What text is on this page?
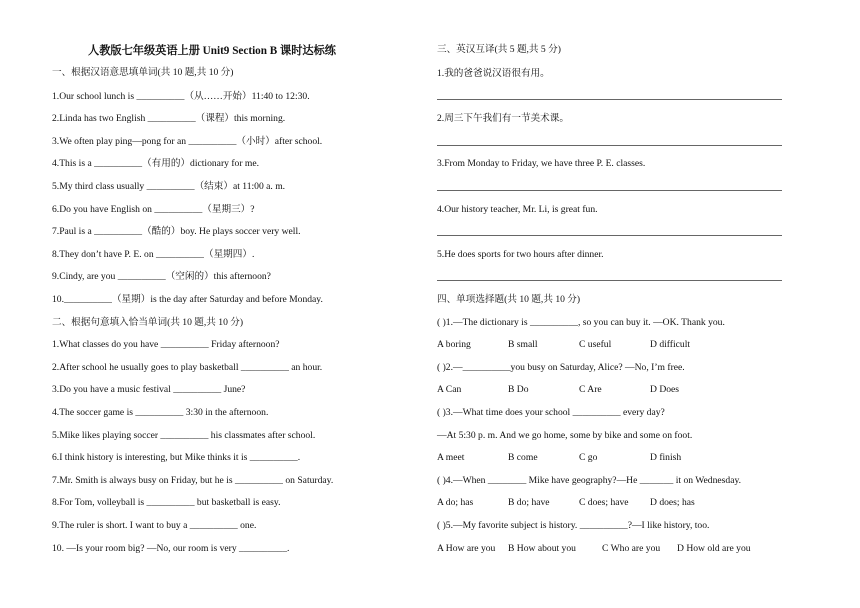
人教版七年级英语上册 Unit9 Section B 课时达标练
一、根据汉语意思填单词(共 10 题,共 10 分)
1.Our school lunch is __________（从……开始）11:40 to 12:30.
2.Linda has two English __________（课程）this morning.
3.We often play ping—pong for an __________（小时）after school.
4.This is a __________（有用的）dictionary for me.
5.My third class usually __________（结束）at 11:00 a. m.
6.Do you have English on __________（星期三）?
7.Paul is a __________（酷的）boy. He plays soccer very well.
8.They don’t have P. E. on __________（星期四）.
9.Cindy, are you __________（空闲的）this afternoon?
10.__________（星期）is the day after Saturday and before Monday.
二、根据句意填入恰当单词(共 10 题,共 10 分)
1.What classes do you have __________ Friday afternoon?
2.After school he usually goes to play basketball __________ an hour.
3.Do you have a music festival __________ June?
4.The soccer game is __________ 3:30 in the afternoon.
5.Mike likes playing soccer __________ his classmates after school.
6.I think history is interesting, but Mike thinks it is __________.
7.Mr. Smith is always busy on Friday, but he is __________ on Saturday.
8.For Tom, volleyball is __________ but basketball is easy.
9.The ruler is short. I want to buy a __________ one.
10. —Is your room big? —No, our room is very __________.
三、英汉互译(共 5 题,共 5 分)
1.我的爸爸说汉语很有用。
2.周三下午我们有一节美术课。
3.From Monday to Friday, we have three P. E. classes.
4.Our history teacher, Mr. Li, is great fun.
5.He does sports for two hours after dinner.
四、单项选择题(共 10 题,共 10 分)
( )1.—The dictionary is __________, so you can buy it. —OK. Thank you.
A boring	B small	C useful	D difficult
( )2.—__________you busy on Saturday, Alice? —No, I’m free.
A Can	B Do	C Are	D Does
( )3.—What time does your school __________ every day?
—At 5:30 p. m. And we go home, some by bike and some on foot.
A meet	B come	C go	D finish
( )4.—When ________ Mike have geography?—He _______ it on Wednesday.
A do; has	B do; have	C does; have D does; has
( )5.—My favorite subject is history. __________?—I like history, too.
A How are you B How about you	C Who are you D How old are you
